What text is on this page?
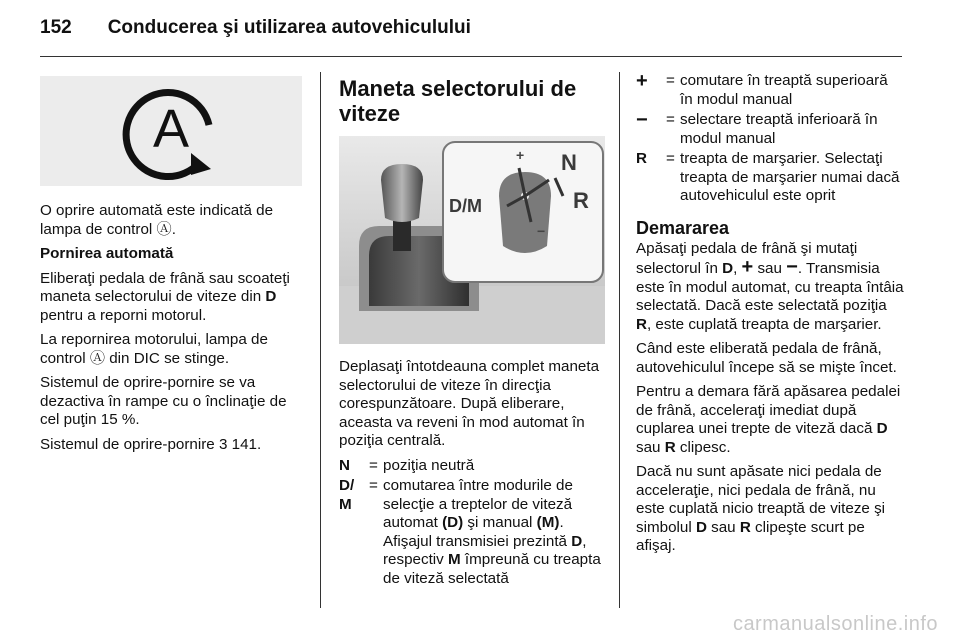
152 Conducerea şi utilizarea autovehiculului
A

O oprire automată este indicată de lampa de control Ⓐ.

Pornirea automată

Eliberaţi pedala de frână sau scoateţi maneta selectorului de viteze din D pentru a reporni motorul.

La repornirea motorului, lampa de control Ⓐ din DIC se stinge.

Sistemul de oprire-pornire se va dezactiva în rampe cu o înclinaţie de cel puţin 15 %.

Sistemul de oprire-pornire 3 141.

Maneta selectorului de viteze
+
−
D/M
N
R

Deplasaţi întotdeauna complet maneta selectorului de viteze în direcţia corespunzătoare. După eliberare, aceasta va reveni în mod automat în poziţia centrală.

N	= poziţia neutră
D/
M
= comutarea între modurile de selecţie a treptelor de viteză automat (D) şi manual (M). Afişajul transmisiei prezintă D, respectiv M împreună cu treapta de viteză selectată
+	= comutare în treaptă superioară în modul manual
−	= selectare treaptă inferioară în modul manual
R	= treapta de marşarier. Selectaţi treapta de marşarier numai dacă autovehiculul este oprit
Demararea

Apăsaţi pedala de frână şi mutaţi selectorul în D, + sau −. Transmisia este în modul automat, cu treapta întâia selectată. Dacă este selectată poziţia R, este cuplată treapta de marşarier.

Când este eliberată pedala de frână, autovehiculul începe să se mişte încet.

Pentru a demara fără apăsarea pedalei de frână, acceleraţi imediat după cuplarea unei trepte de viteză dacă D sau R clipesc.

Dacă nu sunt apăsate nici pedala de acceleraţie, nici pedala de frână, nu este cuplată nicio treaptă de viteze şi simbolul D sau R clipeşte scurt pe afişaj.

carmanualsonline.info
